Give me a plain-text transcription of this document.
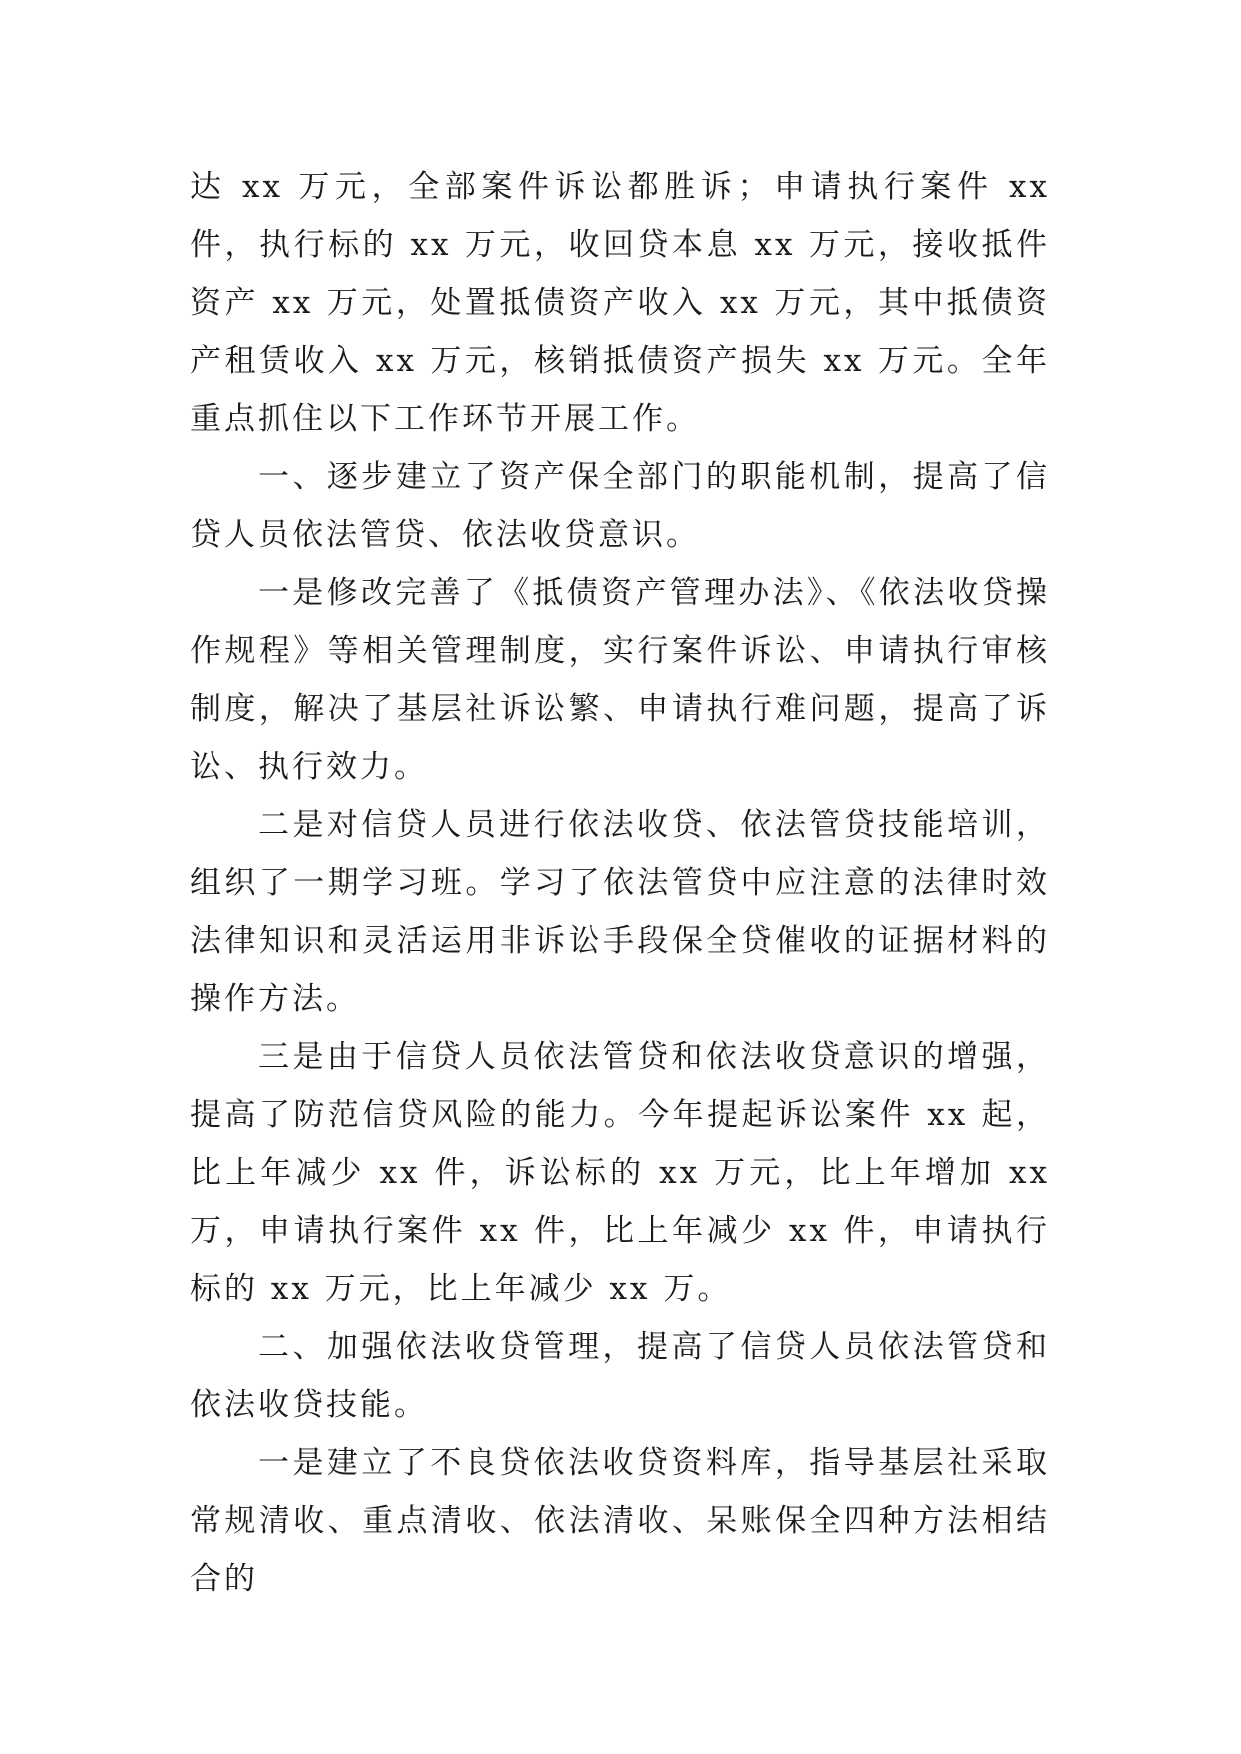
达 xx 万元，全部案件诉讼都胜诉；申请执行案件 xx 件，执行标的 xx 万元，收回贷本息 xx 万元，接收抵件资产 xx 万元，处置抵债资产收入 xx 万元，其中抵债资产租赁收入 xx 万元，核销抵债资产损失 xx 万元。全年重点抓住以下工作环节开展工作。

一、逐步建立了资产保全部门的职能机制，提高了信贷人员依法管贷、依法收贷意识。

一是修改完善了《抵债资产管理办法》、《依法收贷操作规程》等相关管理制度，实行案件诉讼、申请执行审核制度，解决了基层社诉讼繁、申请执行难问题，提高了诉讼、执行效力。

二是对信贷人员进行依法收贷、依法管贷技能培训，组织了一期学习班。学习了依法管贷中应注意的法律时效法律知识和灵活运用非诉讼手段保全贷催收的证据材料的操作方法。

三是由于信贷人员依法管贷和依法收贷意识的增强，提高了防范信贷风险的能力。今年提起诉讼案件 xx 起，比上年减少 xx 件，诉讼标的 xx 万元，比上年增加 xx 万，申请执行案件 xx 件，比上年减少 xx 件，申请执行标的 xx 万元，比上年减少 xx 万。

二、加强依法收贷管理，提高了信贷人员依法管贷和依法收贷技能。

一是建立了不良贷依法收贷资料库，指导基层社采取常规清收、重点清收、依法清收、呆账保全四种方法相结合的
